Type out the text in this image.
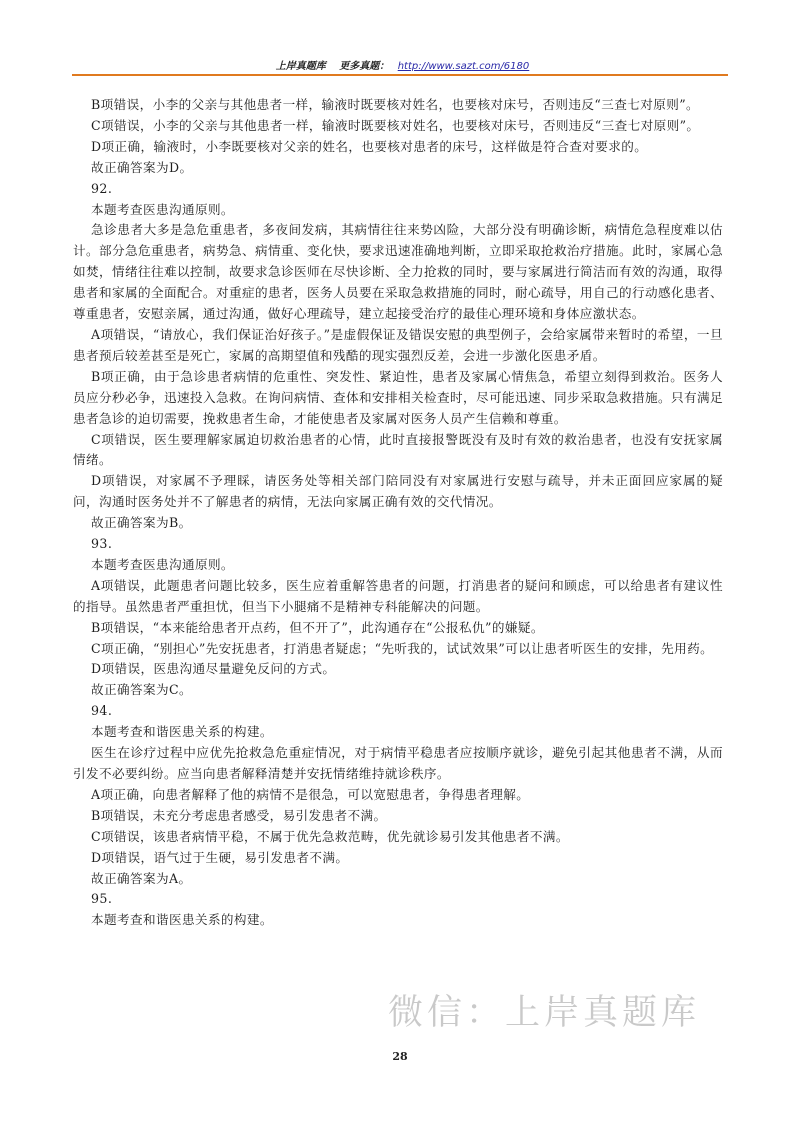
上岸真题库 更多真题： http://www.sazt.com/6180

B项错误，小李的父亲与其他患者一样，输液时既要核对姓名，也要核对床号，否则违反“三查七对原则”。

C项错误，小李的父亲与其他患者一样，输液时既要核对姓名，也要核对床号，否则违反“三查七对原则”。

D项正确，输液时，小李既要核对父亲的姓名，也要核对患者的床号，这样做是符合查对要求的。

故正确答案为D。

92.

本题考查医患沟通原则。

急诊患者大多是急危重患者，多夜间发病，其病情往往来势凶险，大部分没有明确诊断，病情危急程度难以估计。部分急危重患者，病势急、病情重、变化快，要求迅速准确地判断，立即采取抢救治疗措施。此时，家属心急如焚，情绪往往难以控制，故要求急诊医师在尽快诊断、全力抢救的同时，要与家属进行简洁而有效的沟通，取得患者和家属的全面配合。对重症的患者，医务人员要在采取急救措施的同时，耐心疏导，用自己的行动感化患者、尊重患者，安慰亲属，通过沟通，做好心理疏导，建立起接受治疗的最佳心理环境和身体应激状态。

A项错误，“请放心，我们保证治好孩子。”是虚假保证及错误安慰的典型例子，会给家属带来暂时的希望，一旦患者预后较差甚至是死亡，家属的高期望值和残酷的现实强烈反差，会进一步激化医患矛盾。

B项正确，由于急诊患者病情的危重性、突发性、紧迫性，患者及家属心情焦急，希望立刻得到救治。医务人员应分秒必争，迅速投入急救。在询问病情、查体和安排相关检查时，尽可能迅速、同步采取急救措施。只有满足患者急诊的迫切需要，挽救患者生命，才能使患者及家属对医务人员产生信赖和尊重。

C项错误，医生要理解家属迫切救治患者的心情，此时直接报警既没有及时有效的救治患者，也没有安抚家属情绪。

D项错误，对家属不予理睬，请医务处等相关部门陪同没有对家属进行安慰与疏导，并未正面回应家属的疑问，沟通时医务处并不了解患者的病情，无法向家属正确有效的交代情况。

故正确答案为B。

93.

本题考查医患沟通原则。

A项错误，此题患者问题比较多，医生应着重解答患者的问题，打消患者的疑问和顾虑，可以给患者有建议性的指导。虽然患者严重担忧，但当下小腿痛不是精神专科能解决的问题。

B项错误，“本来能给患者开点药，但不开了”，此沟通存在“公报私仇”的嫌疑。

C项正确，“别担心”先安抚患者，打消患者疑虑；“先听我的，试试效果”可以让患者听医生的安排，先用药。

D项错误，医患沟通尽量避免反问的方式。

故正确答案为C。

94.

本题考查和谐医患关系的构建。

医生在诊疗过程中应优先抢救急危重症情况，对于病情平稳患者应按顺序就诊，避免引起其他患者不满，从而引发不必要纠纷。应当向患者解释清楚并安抚情绪维持就诊秩序。

A项正确，向患者解释了他的病情不是很急，可以宽慰患者，争得患者理解。

B项错误，未充分考虑患者感受，易引发患者不满。

C项错误，该患者病情平稳，不属于优先急救范畴，优先就诊易引发其他患者不满。

D项错误，语气过于生硬，易引发患者不满。

故正确答案为A。

95.

本题考查和谐医患关系的构建。

微信：上岸真题库
28
